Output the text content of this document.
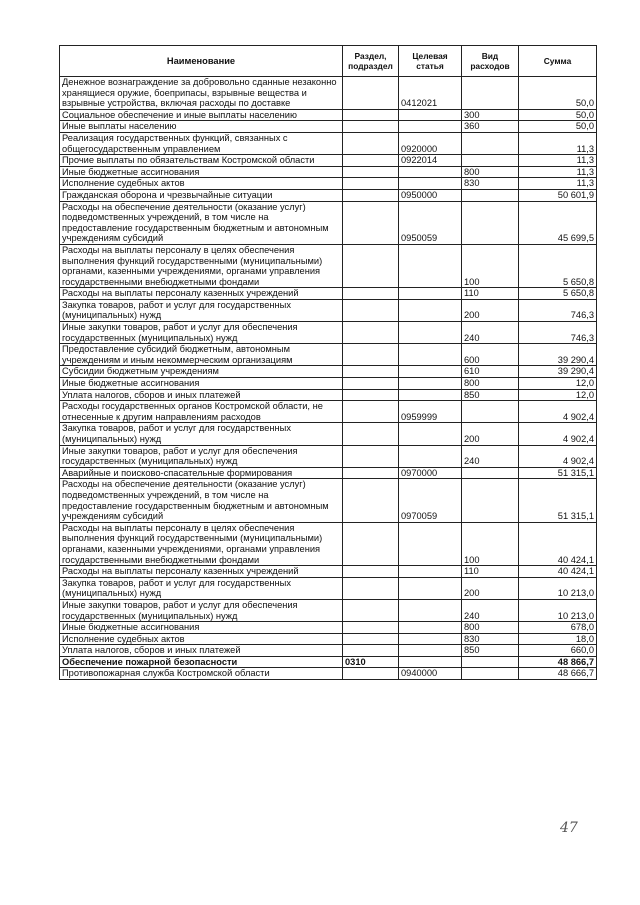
Наименование	Раздел, подраздел	Целевая статья	Вид расходов	Сумма
Денежное вознаграждение за добровольно сданные незаконно хранящиеся оружие, боеприпасы, взрывные вещества и взрывные устройства, включая расходы по доставке		0412021		50,0
Социальное обеспечение и иные выплаты населению			300	50,0
Иные выплаты населению			360	50,0
Реализация государственных функций, связанных с общегосударственным управлением		0920000		11,3
Прочие выплаты по обязательствам Костромской области		0922014		11,3
Иные бюджетные ассигнования			800	11,3
Исполнение судебных актов			830	11,3
Гражданская оборона и чрезвычайные ситуации		0950000		50 601,9
Расходы на обеспечение деятельности (оказание услуг) подведомственных учреждений, в том числе на предоставление государственным бюджетным и автономным учреждениям субсидий		0950059		45 699,5
Расходы на выплаты персоналу в целях обеспечения выполнения функций государственными (муниципальными) органами, казенными учреждениями, органами управления государственными внебюджетными фондами			100	5 650,8
Расходы на выплаты персоналу казенных учреждений			110	5 650,8
Закупка товаров, работ и услуг для государственных (муниципальных) нужд			200	746,3
Иные закупки товаров, работ и услуг для обеспечения государственных (муниципальных) нужд			240	746,3
Предоставление субсидий бюджетным, автономным учреждениям и иным некоммерческим организациям			600	39 290,4
Субсидии бюджетным учреждениям			610	39 290,4
Иные бюджетные ассигнования			800	12,0
Уплата налогов, сборов и иных платежей			850	12,0
Расходы государственных органов Костромской области, не отнесенные к другим направлениям расходов		0959999		4 902,4
Закупка товаров, работ и услуг для государственных (муниципальных) нужд			200	4 902,4
Иные закупки товаров, работ и услуг для обеспечения государственных (муниципальных) нужд			240	4 902,4
Аварийные и поисково-спасательные формирования		0970000		51 315,1
Расходы на обеспечение деятельности (оказание услуг) подведомственных учреждений, в том числе на предоставление государственным бюджетным и автономным учреждениям субсидий		0970059		51 315,1
Расходы на выплаты персоналу в целях обеспечения выполнения функций государственными (муниципальными) органами, казенными учреждениями, органами управления государственными внебюджетными фондами			100	40 424,1
Расходы на выплаты персоналу казенных учреждений			110	40 424,1
Закупка товаров, работ и услуг для государственных (муниципальных) нужд			200	10 213,0
Иные закупки товаров, работ и услуг для обеспечения государственных (муниципальных) нужд			240	10 213,0
Иные бюджетные ассигнования			800	678,0
Исполнение судебных актов			830	18,0
Уплата налогов, сборов и иных платежей			850	660,0
Обеспечение пожарной безопасности	0310			48 866,7
Противопожарная служба Костромской области		0940000		48 666,7
47
